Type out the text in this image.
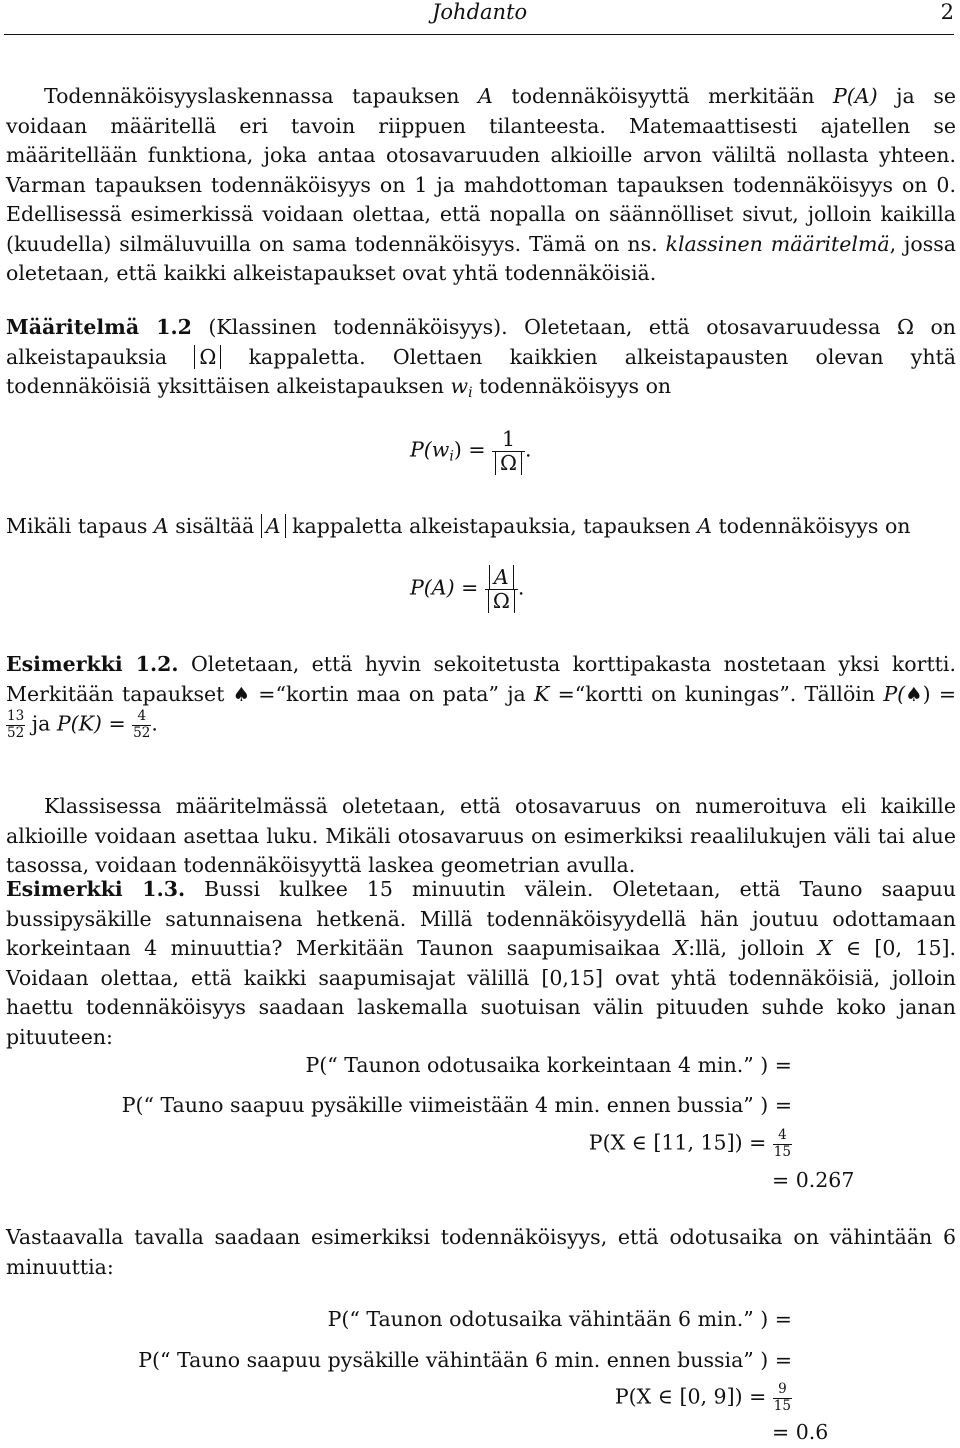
Johdanto	2
Todennäköisyyslaskennassa tapauksen A todennäköisyyttä merkitään P(A) ja se voidaan määritellä eri tavoin riippuen tilanteesta. Matemaattisesti ajatellen se määritellään funktiona, joka antaa otosavaruuden alkioille arvon väliltä nollasta yhteen. Varman tapauksen todennäköisyys on 1 ja mahdottoman tapauksen todennäköisyys on 0. Edellisessä esimerkissä voidaan olettaa, että nopalla on säännölliset sivut, jolloin kaikilla (kuudella) silmäluvuilla on sama todennäköisyys. Tämä on ns. klassinen määritelmä, jossa oletetaan, että kaikki alkeistapaukset ovat yhtä todennäköisiä.
Määritelmä 1.2 (Klassinen todennäköisyys). Oletetaan, että otosavaruudessa Ω on alkeistapauksia Ω kappaletta. Olettaen kaikkien alkeistapausten olevan yhtä todennäköisiä yksittäisen alkeistapauksen $w_i$ todennäköisyys on
$P(w_i) = \frac{1}{\Omega}$ .
Mikäli tapaus A sisältää A kappaletta alkeistapauksia, tapauksen A todennäköisyys on
$P(A) = \frac{A}{\Omega}$ .
Esimerkki 1.2. Oletetaan, että hyvin sekoitetusta korttipakasta nostetaan yksi kortti. Merkitään tapaukset ♠ =“kortin maa on pata” ja K =“kortti on kuningas”. Tällöin P(♠) =
$\frac{13}{52}$ ja $P(K) = \frac{4}{52}$ .
Klassisessa määritelmässä oletetaan, että otosavaruus on numeroituva eli kaikille alkioille voidaan asettaa luku. Mikäli otosavaruus on esimerkiksi reaalilukujen väli tai alue tasossa, voidaan todennäköisyyttä laskea geometrian avulla.
Esimerkki 1.3. Bussi kulkee 15 minuutin välein. Oletetaan, että Tauno saapuu bussipysäkille satunnaisena hetkenä. Millä todennäköisyydellä hän joutuu odottamaan korkeintaan 4 minuuttia? Merkitään Taunon saapumisaikaa X:llä, jolloin X ∈ [0, 15]. Voidaan olettaa, että kaikki saapumisajat välillä [0,15] ovat yhtä todennäköisiä, jolloin haettu todennäköisyys saadaan laskemalla suotuisan välin pituuden suhde koko janan pituuteen:
P(“ Taunon odotusaika korkeintaan 4 min.” ) =
P(“ Tauno saapuu pysäkille viimeistään 4 min. ennen bussia” ) =
P(X ∈ [11, $15]) = \frac{4}{15}$
= 0.267
Vastaavalla tavalla saadaan esimerkiksi todennäköisyys, että odotusaika on vähintään 6 minuuttia:
P(“ Taunon odotusaika vähintään 6 min.” ) =
P(“ Tauno saapuu pysäkille vähintään 6 min. ennen bussia” ) =
P(X ∈ [0, $9]) = \frac{9}{15}$
= 0.6
